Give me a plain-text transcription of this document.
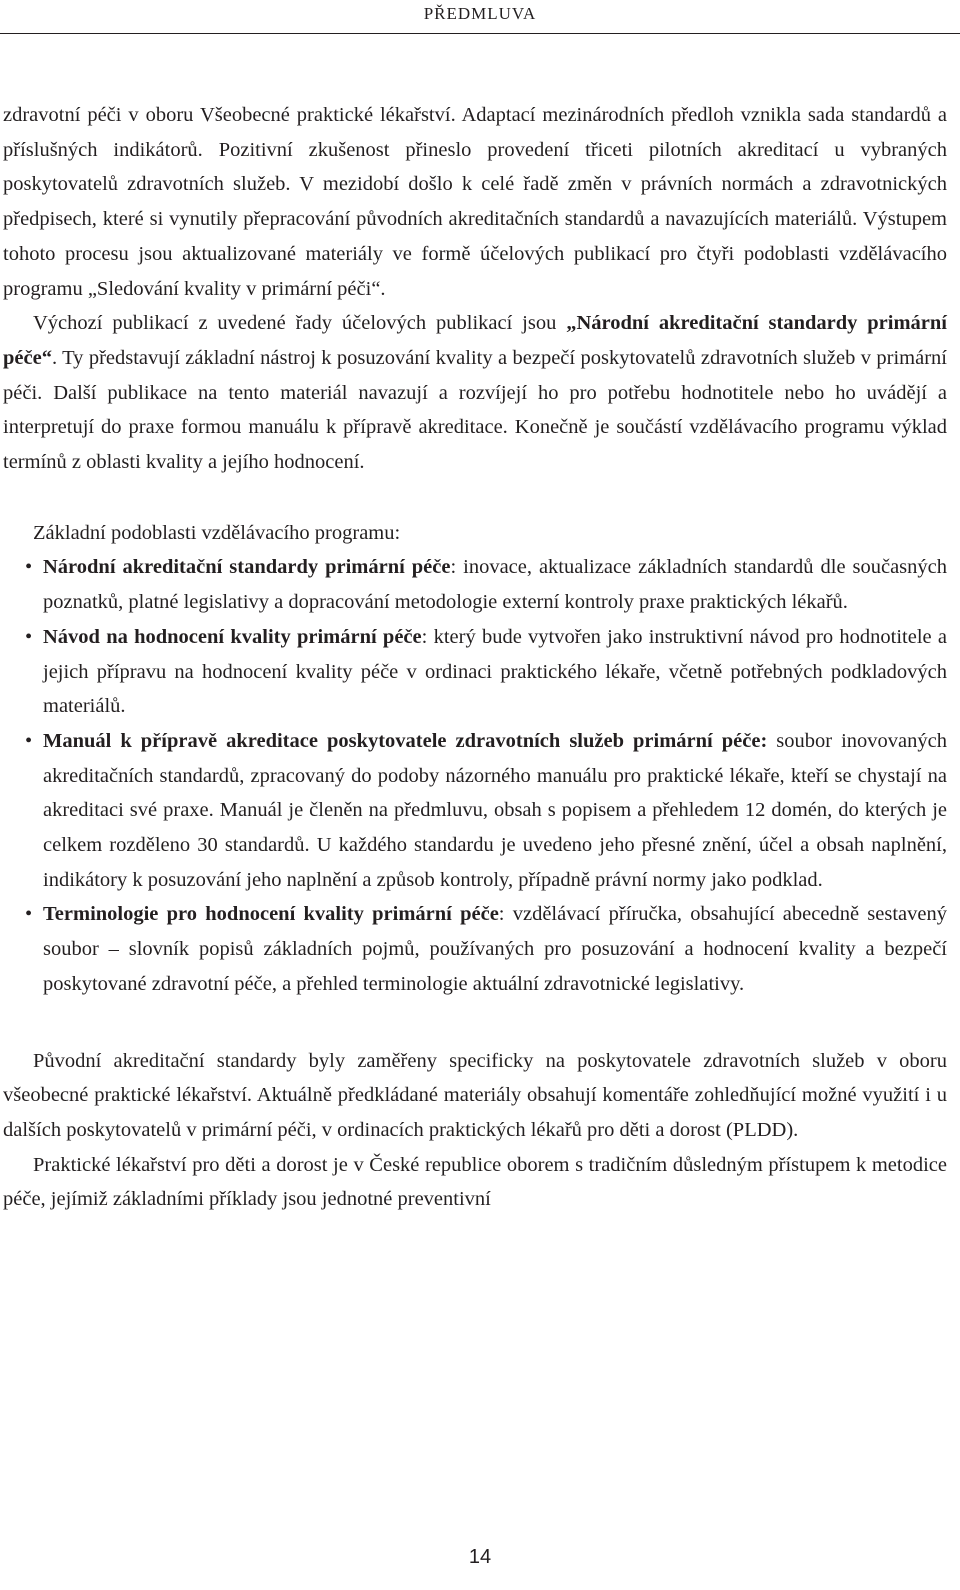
PŘEDMLUVA

zdravotní péči v oboru Všeobecné praktické lékařství. Adaptací mezinárodních předloh vznikla sada standardů a příslušných indikátorů. Pozitivní zkušenost přineslo provedení třiceti pilotních akreditací u vybraných poskytovatelů zdravotních služeb. V mezidobí došlo k celé řadě změn v právních normách a zdravotnických předpisech, které si vynutily přepracování původních akreditačních standardů a navazujících materiálů. Výstupem tohoto procesu jsou aktualizované materiály ve formě účelových publikací pro čtyři podoblasti vzdělávacího programu „Sledování kvality v primární péči“.

Výchozí publikací z uvedené řady účelových publikací jsou „Národní akreditační standardy primární péče“. Ty představují základní nástroj k posuzování kvality a bezpečí poskytovatelů zdravotních služeb v primární péči. Další publikace na tento materiál navazují a rozvíjejí ho pro potřebu hodnotitele nebo ho uvádějí a interpretují do praxe formou manuálu k přípravě akreditace. Konečně je součástí vzdělávacího programu výklad termínů z oblasti kvality a jejího hodnocení.

Základní podoblasti vzdělávacího programu:

• Národní akreditační standardy primární péče: inovace, aktualizace základních standardů dle současných poznatků, platné legislativy a dopracování metodologie externí kontroly praxe praktických lékařů.
• Návod na hodnocení kvality primární péče: který bude vytvořen jako instruktivní návod pro hodnotitele a jejich přípravu na hodnocení kvality péče v ordinaci praktického lékaře, včetně potřebných podkladových materiálů.
• Manuál k přípravě akreditace poskytovatele zdravotních služeb primární péče: soubor inovovaných akreditačních standardů, zpracovaný do podoby názorného manuálu pro praktické lékaře, kteří se chystají na akreditaci své praxe. Manuál je členěn na předmluvu, obsah s popisem a přehledem 12 domén, do kterých je celkem rozděleno 30 standardů. U každého standardu je uvedeno jeho přesné znění, účel a obsah naplnění, indikátory k posuzování jeho naplnění a způsob kontroly, případně právní normy jako podklad.
• Terminologie pro hodnocení kvality primární péče: vzdělávací příručka, obsahující abecedně sestavený soubor – slovník popisů základních pojmů, používaných pro posuzování a hodnocení kvality a bezpečí poskytované zdravotní péče, a přehled terminologie aktuální zdravotnické legislativy.

Původní akreditační standardy byly zaměřeny specificky na poskytovatele zdravotních služeb v oboru všeobecné praktické lékařství. Aktuálně předkládané materiály obsahují komentáře zohledňující možné využití i u dalších poskytovatelů v primární péči, v ordinacích praktických lékařů pro děti a dorost (PLDD).

Praktické lékařství pro děti a dorost je v České republice oborem s tradičním důsledným přístupem k metodice péče, jejímiž základními příklady jsou jednotné preventivní

14
